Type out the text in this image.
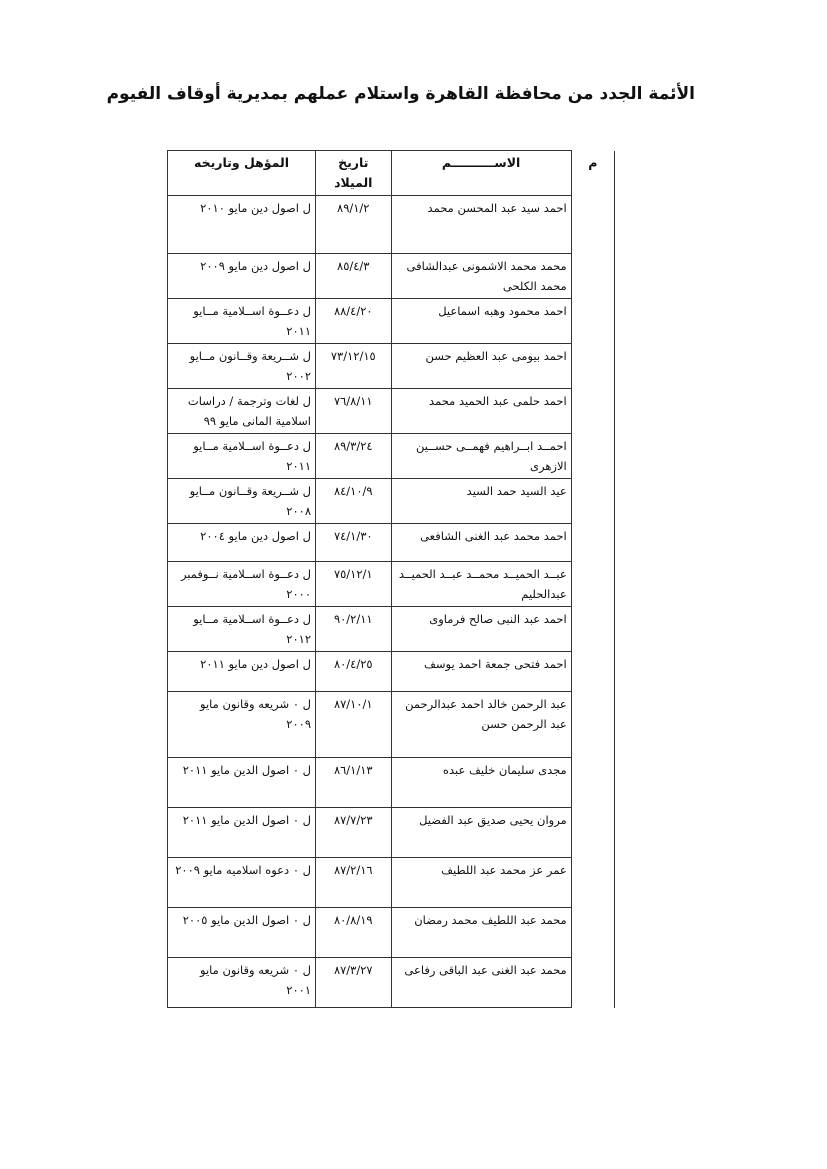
الأئمة الجدد من محافظة القاهرة واستلام عملهم بمديرية أوقاف الفيوم
م	الاســــــــــم	تاريخ الميلاد	المؤهل وتاريخه
	احمد سيد عبد المحسن محمد	٨٩/١/٢	ل اصول دين مايو ٢٠١٠
	محمد محمد الاشمونى عبدالشافى محمد الكلحى	٨٥/٤/٣	ل اصول دين مايو ٢٠٠٩
	احمد محمود وهبه اسماعيل	٨٨/٤/٢٠	ل دعــوة اســلامية مــايو ٢٠١١
	احمد بيومى عبد العظيم حسن	٧٣/١٢/١٥	ل شــريعة وقــانون مــايو ٢٠٠٢
	احمد حلمى عبد الحميد محمد	٧٦/٨/١١	ل لغات وترجمة / دراسات اسلامية المانى مايو ٩٩
	احمــد ابــراهيم فهمــى حســين الازهرى	٨٩/٣/٢٤	ل دعــوة اســلامية مــايو ٢٠١١
	عيد السيد حمد السيد	٨٤/١٠/٩	ل شــريعة وقــانون مــايو ٢٠٠٨
	احمد محمد عبد الغنى الشافعى	٧٤/١/٣٠	ل اصول دين مايو ٢٠٠٤
	عبــد الحميــد محمــد عبــد الحميــد عبدالحليم	٧٥/١٢/١	ل دعــوة اســلامية نــوفمبر ٢٠٠٠
	احمد عبد النبى صالح فرماوى	٩٠/٢/١١	ل دعــوة اســلامية مــايو ٢٠١٢
	احمد فتحى جمعة احمد يوسف	٨٠/٤/٢٥	ل اصول دين مايو ٢٠١١
	عبد الرحمن خالد احمد عبدالرحمن عبد الرحمن حسن	٨٧/١٠/١	ل ٠ شريعه وقانون مايو ٢٠٠٩
	مجدى سليمان خليف عبده	٨٦/١/١٣	ل ٠ اصول الدين مايو ٢٠١١
	مروان يحيى صديق عبد الفضيل	٨٧/٧/٢٣	ل ٠ اصول الدين مايو ٢٠١١
	عمر عز محمد عبد اللطيف	٨٧/٢/١٦	ل ٠ دعوه اسلاميه مايو ٢٠٠٩
	محمد عبد اللطيف محمد رمضان	٨٠/٨/١٩	ل ٠ اصول الدين مايو ٢٠٠٥
	محمد عبد الغنى عبد الباقى رفاعى	٨٧/٣/٢٧	ل ٠ شريعه وقانون مايو ٢٠٠١
